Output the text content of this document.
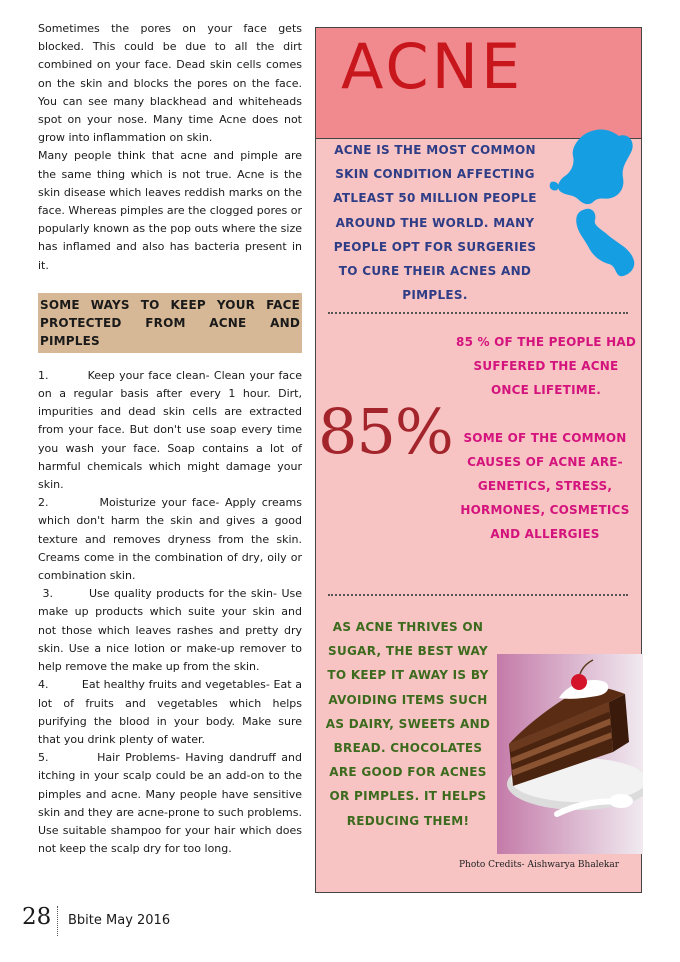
Sometimes the pores on your face gets blocked. This could be due to all the dirt combined on your face. Dead skin cells comes on the skin and blocks the pores on the face. You can see many blackhead and whiteheads spot on your nose. Many time Acne does not grow into inflammation on skin.

Many people think that acne and pimple are the same thing which is not true. Acne is the skin disease which leaves reddish marks on the face. Whereas pimples are the clogged pores or popularly known as the pop outs where the size has inflamed and also has bacteria present in it.

SOME WAYS TO KEEP YOUR FACE PROTECTED FROM ACNE AND PIMPLES

1.         Keep your face clean- Clean your face on a regular basis after every 1 hour. Dirt, impurities and dead skin cells are extracted from your face. But don't use soap every time you wash your face. Soap contains a lot of harmful chemicals which might damage your skin.

2.         Moisturize your face- Apply creams which don't harm the skin and gives a good texture and removes dryness from the skin. Creams come in the combination of dry, oily or combination skin.

3.        Use quality products for the skin- Use make up products which suite your skin and not those which leaves rashes and pretty dry skin. Use a nice lotion or make-up remover to help remove the make up from the skin.

4.         Eat healthy fruits and vegetables- Eat a lot of fruits and vegetables which helps purifying the blood in your body. Make sure that you drink plenty of water.

5.         Hair Problems- Having dandruff and itching in your scalp could be an add-on to the pimples and acne. Many people have sensitive skin and they are acne-prone to such problems. Use suitable shampoo for your hair which does not keep the scalp dry for too long.

28 Bbite May 2016
ACNE
ACNE IS THE MOST COMMON SKIN CONDITION AFFECTING ATLEAST 50 MILLION PEOPLE AROUND THE WORLD. MANY PEOPLE OPT FOR SURGERIES TO CURE THEIR ACNES AND PIMPLES.
85 % OF THE PEOPLE HAD SUFFERED THE ACNE ONCE LIFETIME.
85% SOME OF THE COMMON CAUSES OF ACNE ARE- GENETICS, STRESS, HORMONES, COSMETICS AND ALLERGIES
AS ACNE THRIVES ON SUGAR, THE BEST WAY TO KEEP IT AWAY IS BY AVOIDING ITEMS SUCH AS DAIRY, SWEETS AND BREAD. CHOCOLATES ARE GOOD FOR ACNES OR PIMPLES. IT HELPS REDUCING THEM!
Photo Credits- Aishwarya Bhalekar
